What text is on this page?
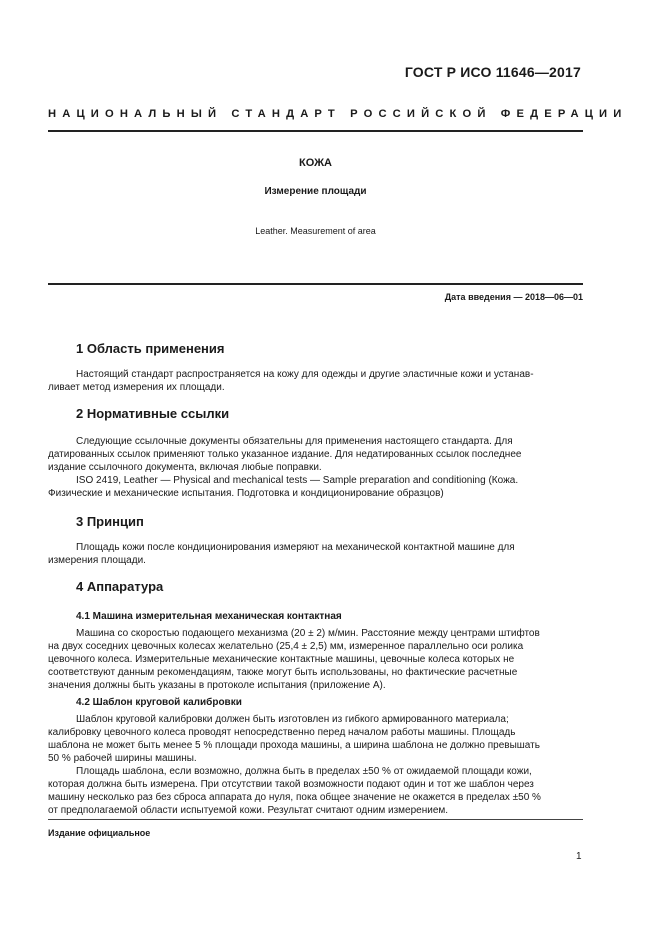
ГОСТ Р ИСО 11646—2017
НАЦИОНАЛЬНЫЙ СТАНДАРТ РОССИЙСКОЙ ФЕДЕРАЦИИ
КОЖА
Измерение площади
Leather. Measurement of area
Дата введения — 2018—06—01
1 Область применения

Настоящий стандарт распространяется на кожу для одежды и другие эластичные кожи и устанав-

ливает метод измерения их площади.

2 Нормативные ссылки

Следующие ссылочные документы обязательны для применения настоящего стандарта. Для

датированных ссылок применяют только указанное издание. Для недатированных ссылок последнее

издание ссылочного документа, включая любые поправки.

ISO 2419, Leather — Physical and mechanical tests — Sample preparation and conditioning (Кожа.

Физические и механические испытания. Подготовка и кондиционирование образцов)

3 Принцип

Площадь кожи после кондиционирования измеряют на механической контактной машине для

измерения площади.

4 Аппаратура
4.1 Машина измерительная механическая контактная

Машина со скоростью подающего механизма (20 ± 2) м/мин. Расстояние между центрами штифтов

на двух соседних цевочных колесах желательно (25,4 ± 2,5) мм, измеренное параллельно оси ролика

цевочного колеса. Измерительные механические контактные машины, цевочные колеса которых не

соответствуют данным рекомендациям, также могут быть использованы, но фактические расчетные

значения должны быть указаны в протоколе испытания (приложение А).

4.2 Шаблон круговой калибровки

Шаблон круговой калибровки должен быть изготовлен из гибкого армированного материала;

калибровку цевочного колеса проводят непосредственно перед началом работы машины. Площадь

шаблона не может быть менее 5 % площади прохода машины, а ширина шаблона не должно превышать

50 % рабочей ширины машины.

Площадь шаблона, если возможно, должна быть в пределах ±50 % от ожидаемой площади кожи,

которая должна быть измерена. При отсутствии такой возможности подают один и тот же шаблон через

машину несколько раз без сброса аппарата до нуля, пока общее значение не окажется в пределах ±50 %

от предполагаемой области испытуемой кожи. Результат считают одним измерением.

Издание официальное
1
